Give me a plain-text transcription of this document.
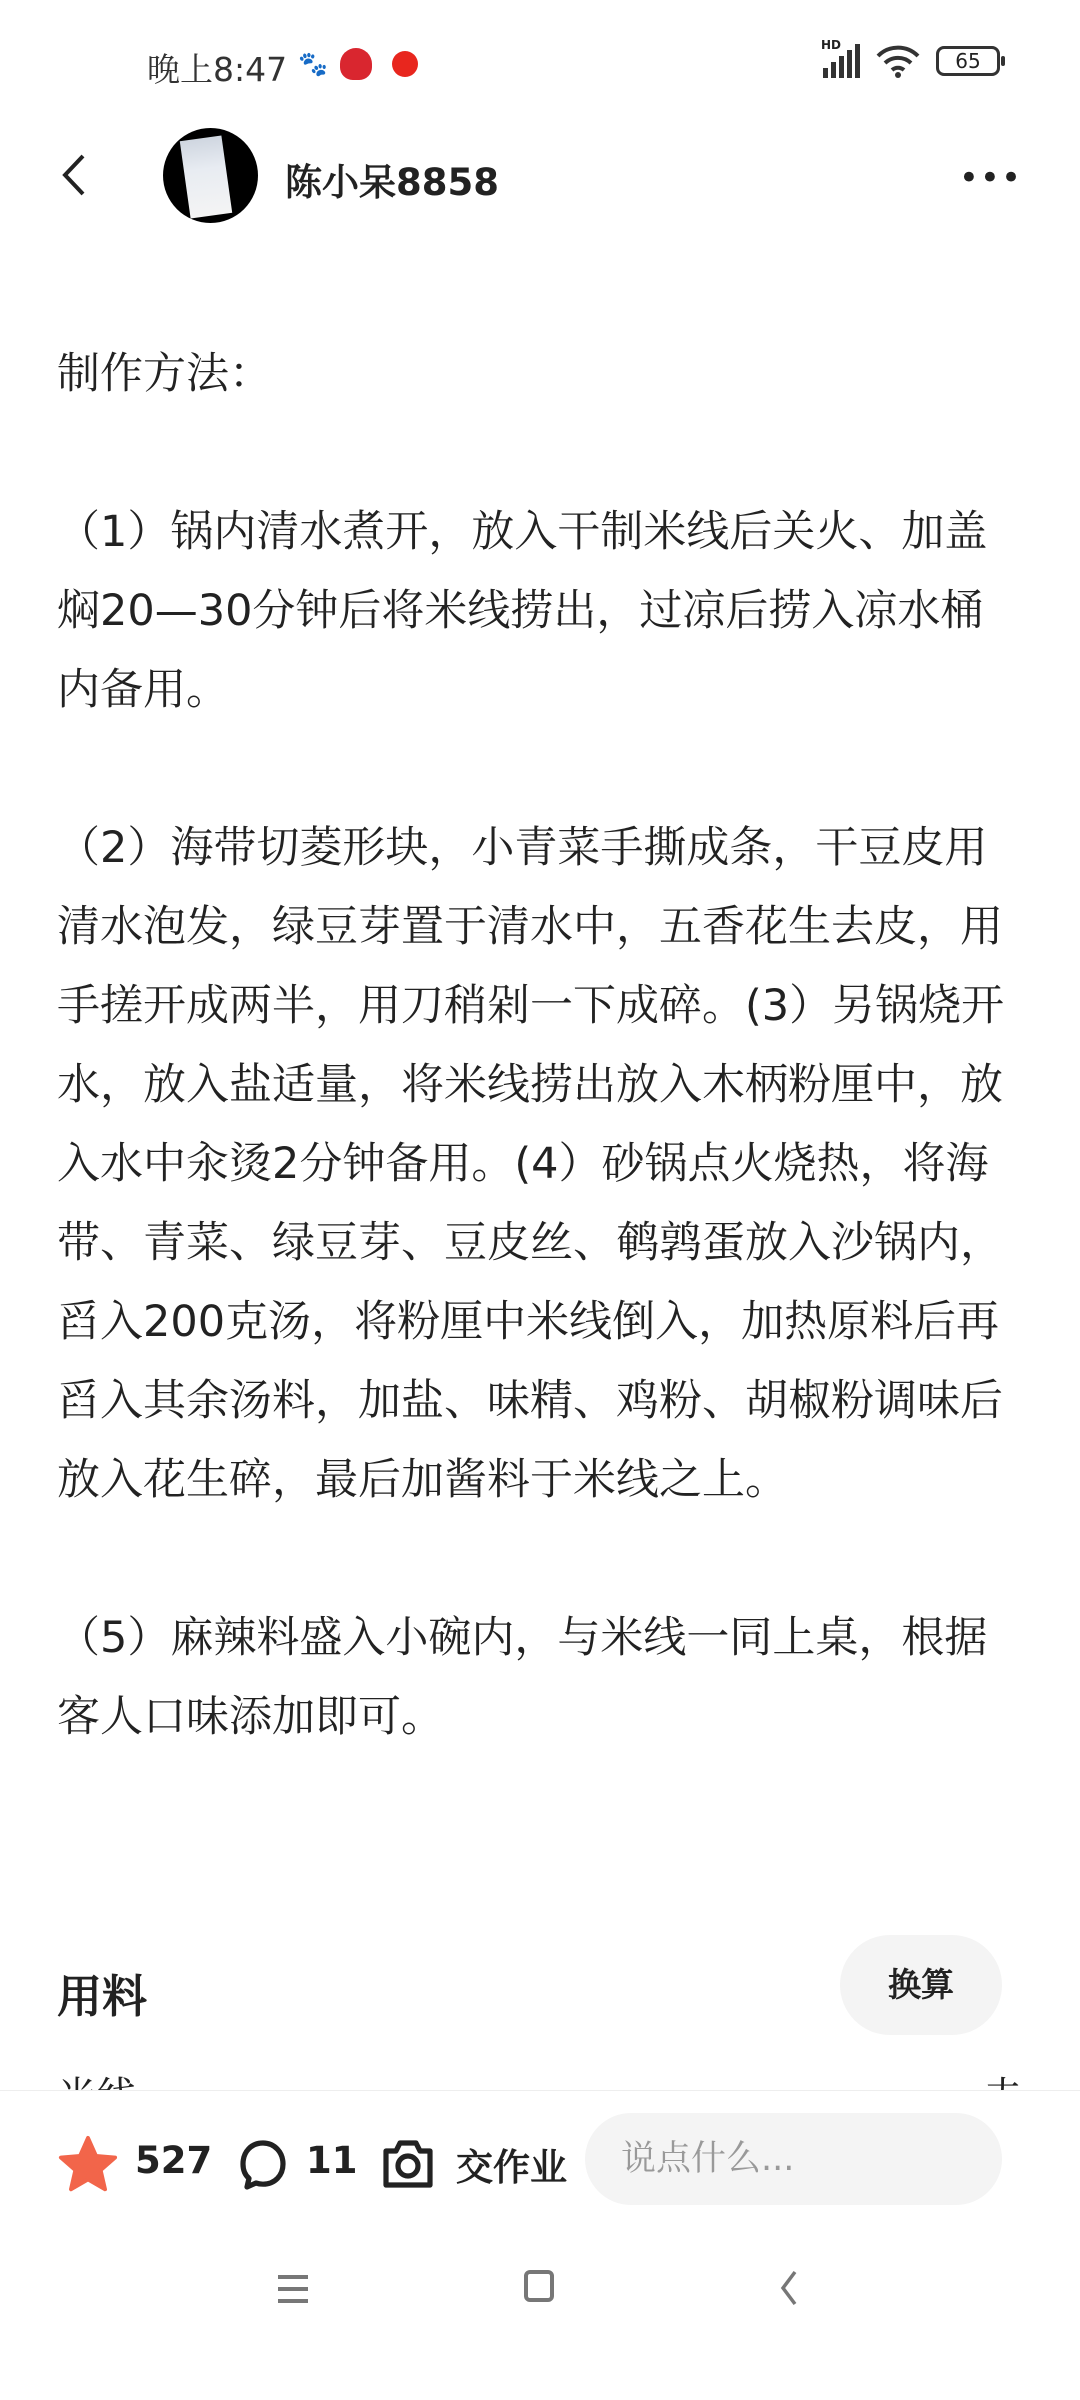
晚上8:47 🐾
HD
65
陈小呆8858	•••

制作方法：

（1）锅内清水煮开，放入干制米线后关火、加盖焖20—30分钟后将米线捞出，过凉后捞入凉水桶内备用。

（2）海带切菱形块，小青菜手撕成条，干豆皮用清水泡发，绿豆芽置于清水中，五香花生去皮，用手搓开成两半，用刀稍剁一下成碎。(3）另锅烧开水，放入盐适量，将米线捞出放入木柄粉厘中，放入水中汆烫2分钟备用。(4）砂锅点火烧热，将海带、青菜、绿豆芽、豆皮丝、鹌鹑蛋放入沙锅内，舀入200克汤，将粉厘中米线倒入，加热原料后再舀入其余汤料，加盐、味精、鸡粉、胡椒粉调味后放入花生碎，最后加酱料于米线之上。

（5）麻辣料盛入小碗内，与米线一同上桌，根据客人口味添加即可。

用料	换算
527	11	交作业	说点什么...
